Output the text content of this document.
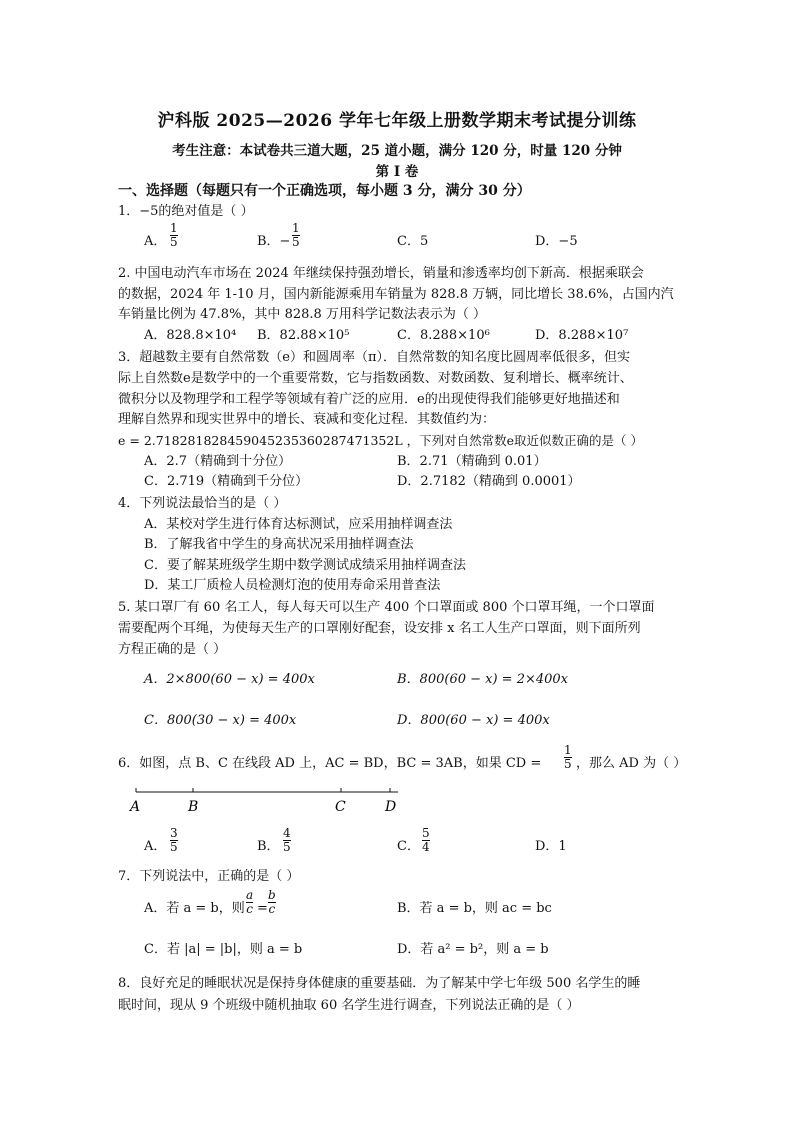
沪科版 2025—2026 学年七年级上册数学期末考试提分训练
考生注意：本试卷共三道大题，25 道小题，满分 120 分，时量 120 分钟
第 I 卷
一、选择题（每题只有一个正确选项，每小题 3 分，满分 30 分）
1．−5的绝对值是（ ）
A．
1
5	B．−
1
5	C．5	D．−5
2. 中国电动汽车市场在 2024 年继续保持强劲增长，销量和渗透率均创下新高．根据乘联会
的数据，2024 年 1-10 月，国内新能源乘用车销量为 828.8 万辆，同比增长 38.6%，占国内汽
车销量比例为 47.8%，其中 828.8 万用科学记数法表示为（ ）
A．828.8×10⁴ B．82.88×10⁵	C．8.288×10⁶	D．8.288×10⁷
3．超越数主要有自然常数（e）和圆周率（π）．自然常数的知名度比圆周率低很多，但实
际上自然数e是数学中的一个重要常数，它与指数函数、对数函数、复利增长、概率统计、
微积分以及物理学和工程学等领域有着广泛的应用．e的出现使得我们能够更好地描述和
理解自然界和现实世界中的增长、衰减和变化过程．其数值约为：
e = 2.71828182845904523536028747135​2L ，下列对自然常数e取近似数正确的是（ ）
A．2.7（精确到十分位）	B．2.71（精确到 0.01）
C．2.719（精确到千分位）	D．2.7182（精确到 0.0001）
4．下列说法最恰当的是（ ）
A．某校对学生进行体育达标测试，应采用抽样调查法
B．了解我省中学生的身高状况采用抽样调查法
C．要了解某班级学生期中数学测试成绩采用抽样调查法
D．某工厂质检人员检测灯泡的使用寿命采用普查法
5. 某口罩厂有 60 名工人，每人每天可以生产 400 个口罩面或 800 个口罩耳绳，一个口罩面
需要配两个耳绳，为使每天生产的口罩刚好配套，设安排 x 名工人生产口罩面，则下面所列
方程正确的是（ ）
A．2×800(60 − x) = 400x	B．800(60 − x) = 2×400x
C．800(30 − x) = 400x	D．800(60 − x) = 400x
6．如图，点 B、C 在线段 AD 上，AC = BD，BC = 3AB，如果 CD =
1
5 ，那么 AD 为（ ）
A	B	C	D
A．
3
5	B．
4
5	C．
5
4	D．1
7．下列说法中，正确的是（ ）
A．若 a = b，则
a
c =
b
c	B．若 a = b，则 ac = bc
C．若 |a| = |b|，则 a = b	D．若 a² = b²，则 a = b
8．良好充足的睡眠状况是保持身体健康的重要基础．为了解某中学七年级 500 名学生的睡
眠时间，现从 9 个班级中随机抽取 60 名学生进行调查，下列说法正确的是（ ）
